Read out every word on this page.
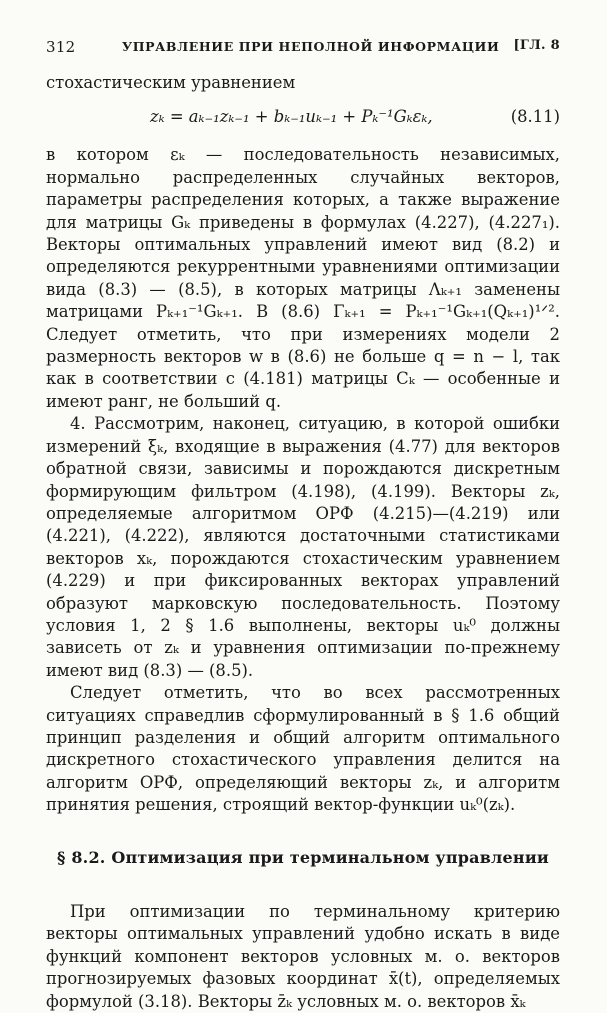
312	УПРАВЛЕНИЕ ПРИ НЕПОЛНОЙ ИНФОРМАЦИИ [ГЛ. 8

стохастическим уравнением

zₖ = aₖ₋₁zₖ₋₁ + bₖ₋₁uₖ₋₁ + Pₖ⁻¹Gₖεₖ,	(8.11)

в котором εₖ — последовательность независимых, нормально распределенных случайных векторов, параметры распределения которых, а также выражение для матрицы Gₖ приведены в формулах (4.227), (4.227₁). Векторы оптимальных управлений имеют вид (8.2) и определяются рекуррентными уравнениями оптимизации вида (8.3) — (8.5), в которых матрицы Λₖ₊₁ заменены матрицами Pₖ₊₁⁻¹Gₖ₊₁. В (8.6) Γₖ₊₁ = Pₖ₊₁⁻¹Gₖ₊₁(Qₖ₊₁)¹ᐟ². Следует отметить, что при измерениях модели 2 размерность векторов w в (8.6) не больше q = n − l, так как в соответствии с (4.181) матрицы Cₖ — особенные и имеют ранг, не больший q.

4. Рассмотрим, наконец, ситуацию, в которой ошибки измерений ξₖ, входящие в выражения (4.77) для векторов обратной связи, зависимы и порождаются дискретным формирующим фильтром (4.198), (4.199). Векторы zₖ, определяемые алгоритмом ОРФ (4.215)—(4.219) или (4.221), (4.222), являются достаточными статистиками векторов xₖ, порождаются стохастическим уравнением (4.229) и при фиксированных векторах управлений образуют марковскую последовательность. Поэтому условия 1, 2 § 1.6 выполнены, векторы uₖ⁰ должны зависеть от zₖ и уравнения оптимизации по-прежнему имеют вид (8.3) — (8.5).

Следует отметить, что во всех рассмотренных ситуациях справедлив сформулированный в § 1.6 общий принцип разделения и общий алгоритм оптимального дискретного стохастического управления делится на алгоритм ОРФ, определяющий векторы zₖ, и алгоритм принятия решения, строящий вектор-функции uₖ⁰(zₖ).

§ 8.2. Оптимизация при терминальном управлении

При оптимизации по терминальному критерию векторы оптимальных управлений удобно искать в виде функций компонент векторов условных м. о. векторов прогнозируемых фазовых координат x̄(t), определяемых формулой (3.18). Векторы z̄ₖ условных м. о. векторов x̄ₖ
